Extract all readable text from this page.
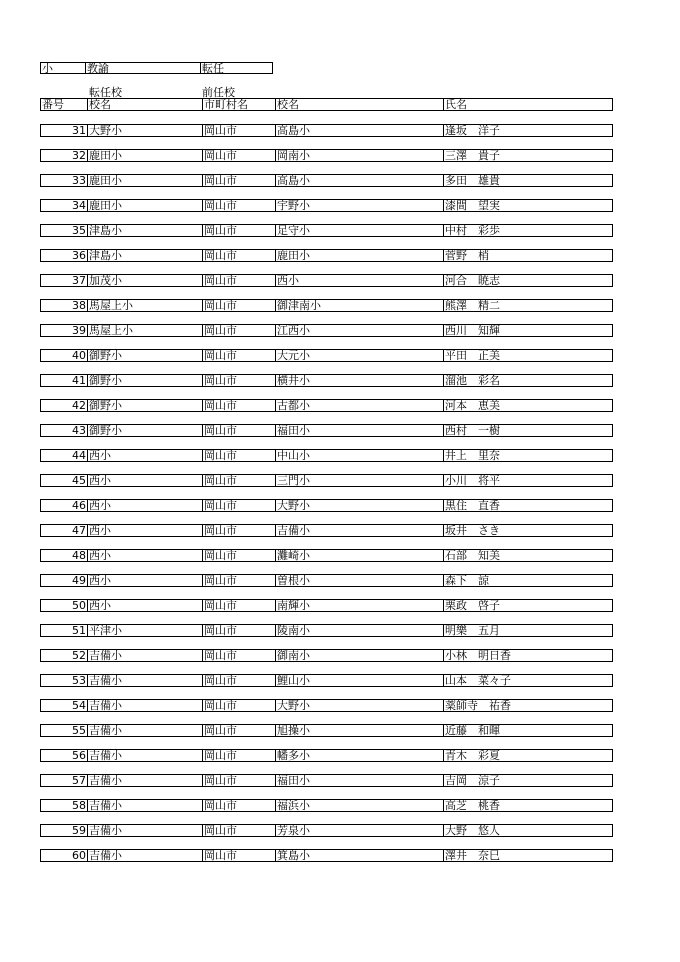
小	教諭	転任
転任校	前任校
番号	校名	市町村名	校名	氏名
31 大野小	岡山市	高島小	逢坂　洋子
32 鹿田小	岡山市	岡南小	三澤　貴子
33 鹿田小	岡山市	高島小	多田　雄貴
34 鹿田小	岡山市	宇野小	漆間　望実
35 津島小	岡山市	足守小	中村　彩歩
36 津島小	岡山市	鹿田小	菅野　梢
37 加茂小	岡山市	西小	河合　暁志
38 馬屋上小	岡山市	御津南小	熊澤　精二
39 馬屋上小	岡山市	江西小	西川　知輝
40 御野小	岡山市	大元小	平田　正美
41 御野小	岡山市	横井小	溜池　彩名
42 御野小	岡山市	古都小	河本　恵美
43 御野小	岡山市	福田小	西村　一樹
44 西小	岡山市	中山小	井上　里奈
45 西小	岡山市	三門小	小川　将平
46 西小	岡山市	大野小	黒住　直香
47 西小	岡山市	吉備小	坂井　さき
48 西小	岡山市	灘崎小	石部　知美
49 西小	岡山市	曽根小	森下　諒
50 西小	岡山市	南輝小	栗政　啓子
51 平津小	岡山市	陵南小	明樂　五月
52 吉備小	岡山市	御南小	小林　明日香
53 吉備小	岡山市	鯉山小	山本　菜々子
54 吉備小	岡山市	大野小	薬師寺　祐香
55 吉備小	岡山市	旭操小	近藤　和暉
56 吉備小	岡山市	幡多小	青木　彩夏
57 吉備小	岡山市	福田小	吉岡　涼子
58 吉備小	岡山市	福浜小	高芝　桃香
59 吉備小	岡山市	芳泉小	大野　悠人
60 吉備小	岡山市	箕島小	澤井　奈巳
